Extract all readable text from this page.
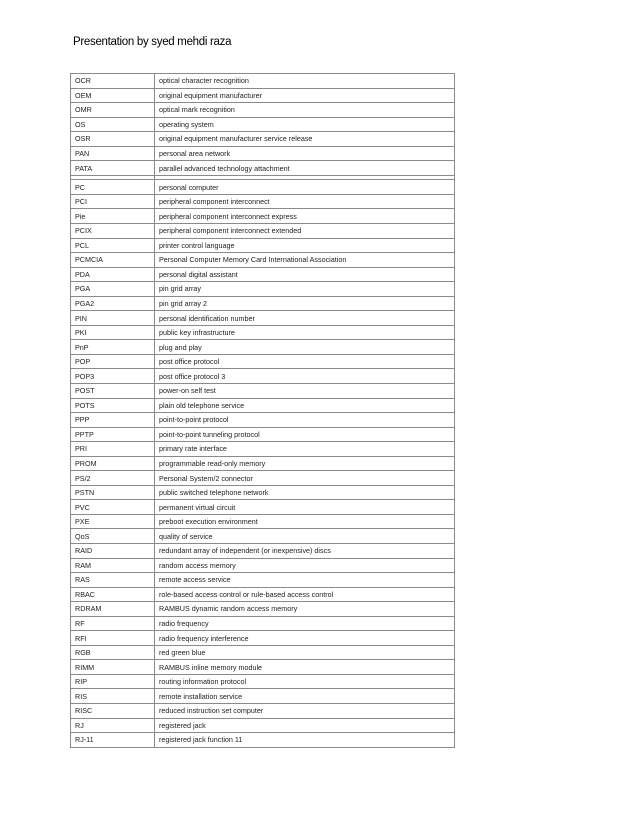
Presentation by syed mehdi raza
OCR	optical character recognition
OEM	original equipment manufacturer
OMR	optical mark recognition
OS	operating system
OSR	original equipment manufacturer service release
PAN	personal area network
PATA	parallel advanced technology attachment

PC	personal computer
PCI	peripheral component interconnect
Pie	peripheral component interconnect express
PCIX	peripheral component interconnect extended
PCL	printer control language
PCMCIA	Personal Computer Memory Card International Association
PDA	personal digital assistant
PGA	pin grid array
PGA2	pin grid array 2
PIN	personal identification number
PKI	public key infrastructure
PnP	plug and play
POP	post office protocol
POP3	post office protocol 3
POST	power-on self test
POTS	plain old telephone service
PPP	point-to-point protocol
PPTP	point-to-point tunneling protocol
PRI	primary rate interface
PROM	programmable read-only memory
PS/2	Personal System/2 connector
PSTN	public switched telephone network
PVC	permanent virtual circuit
PXE	preboot execution environment
QoS	quality of service
RAID	redundant array of independent (or inexpensive) discs
RAM	random access memory
RAS	remote access service
RBAC	role-based access control or rule-based access control
RDRAM	RAMBUS dynamic random access memory
RF	radio frequency
RFI	radio frequency interference
RGB	red green blue
RIMM	RAMBUS inline memory module
RIP	routing information protocol
RIS	remote installation service
RISC	reduced instruction set computer
RJ	registered jack
RJ-11	registered jack function 11
